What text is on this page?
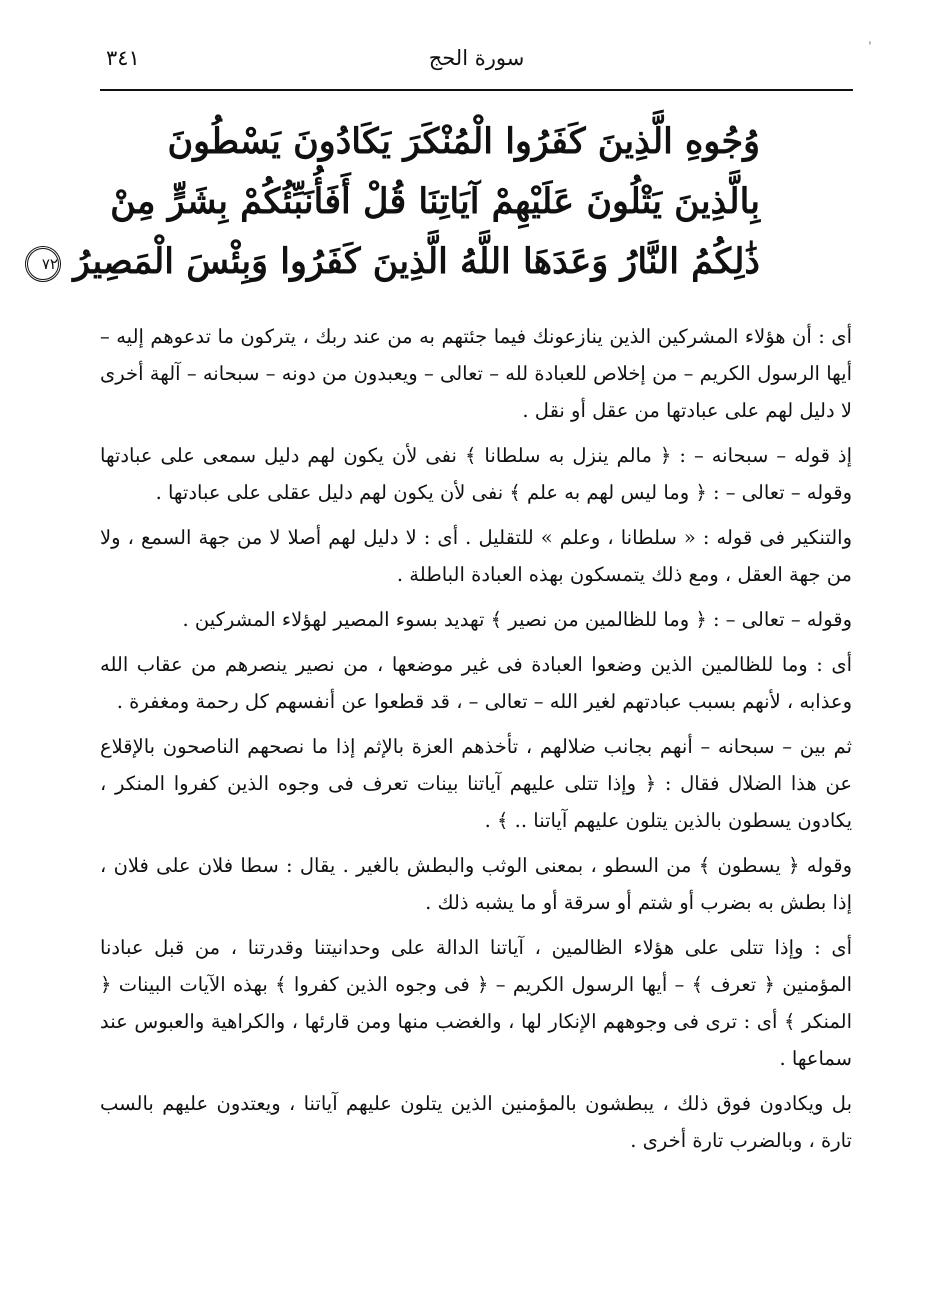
سورة الحج
٣٤١	ˈ
وُجُوهِ الَّذِينَ كَفَرُوا الْمُنْكَرَ يَكَادُونَ يَسْطُونَ
بِالَّذِينَ يَتْلُونَ عَلَيْهِمْ آيَاتِنَا قُلْ أَفَأُنَبِّئُكُمْ بِشَرٍّ مِنْ
ذَٰلِكُمُ النَّارُ وَعَدَهَا اللَّهُ الَّذِينَ كَفَرُوا وَبِئْسَ الْمَصِيرُ ٧٢

أى : أن هؤلاء المشركين الذين ينازعونك فيما جئتهم به من عند ربك ، يتركون ما تدعوهم إليه – أيها الرسول الكريم – من إخلاص للعبادة لله – تعالى – ويعبدون من دونه – سبحانه – آلهة أخرى لا دليل لهم على عبادتها من عقل أو نقل .

إذ قوله – سبحانه – : ﴿ مالم ينزل به سلطانا ﴾ نفى لأن يكون لهم دليل سمعى على عبادتها وقوله – تعالى – : ﴿ وما ليس لهم به علم ﴾ نفى لأن يكون لهم دليل عقلى على عبادتها .

والتنكير فى قوله : « سلطانا ، وعلم » للتقليل . أى : لا دليل لهم أصلا لا من جهة السمع ، ولا من جهة العقل ، ومع ذلك يتمسكون بهذه العبادة الباطلة .

وقوله – تعالى – : ﴿ وما للظالمين من نصير ﴾ تهديد بسوء المصير لهؤلاء المشركين .

أى : وما للظالمين الذين وضعوا العبادة فى غير موضعها ، من نصير ينصرهم من عقاب الله وعذابه ، لأنهم بسبب عبادتهم لغير الله – تعالى – ، قد قطعوا عن أنفسهم كل رحمة ومغفرة .

ثم بين – سبحانه – أنهم بجانب ضلالهم ، تأخذهم العزة بالإثم إذا ما نصحهم الناصحون بالإقلاع عن هذا الضلال فقال : ﴿ وإذا تتلى عليهم آياتنا بينات تعرف فى وجوه الذين كفروا المنكر ، يكادون يسطون بالذين يتلون عليهم آياتنا .. ﴾ .

وقوله ﴿ يسطون ﴾ من السطو ، بمعنى الوثب والبطش بالغير . يقال : سطا فلان على فلان ، إذا بطش به بضرب أو شتم أو سرقة أو ما يشبه ذلك .

أى : وإذا تتلى على هؤلاء الظالمين ، آياتنا الدالة على وحدانيتنا وقدرتنا ، من قبل عبادنا المؤمنين ﴿ تعرف ﴾ – أيها الرسول الكريم – ﴿ فى وجوه الذين كفروا ﴾ بهذه الآيات البينات ﴿ المنكر ﴾ أى : ترى فى وجوههم الإنكار لها ، والغضب منها ومن قارئها ، والكراهية والعبوس عند سماعها .

بل ويكادون فوق ذلك ، يبطشون بالمؤمنين الذين يتلون عليهم آياتنا ، ويعتدون عليهم بالسب تارة ، وبالضرب تارة أخرى .
